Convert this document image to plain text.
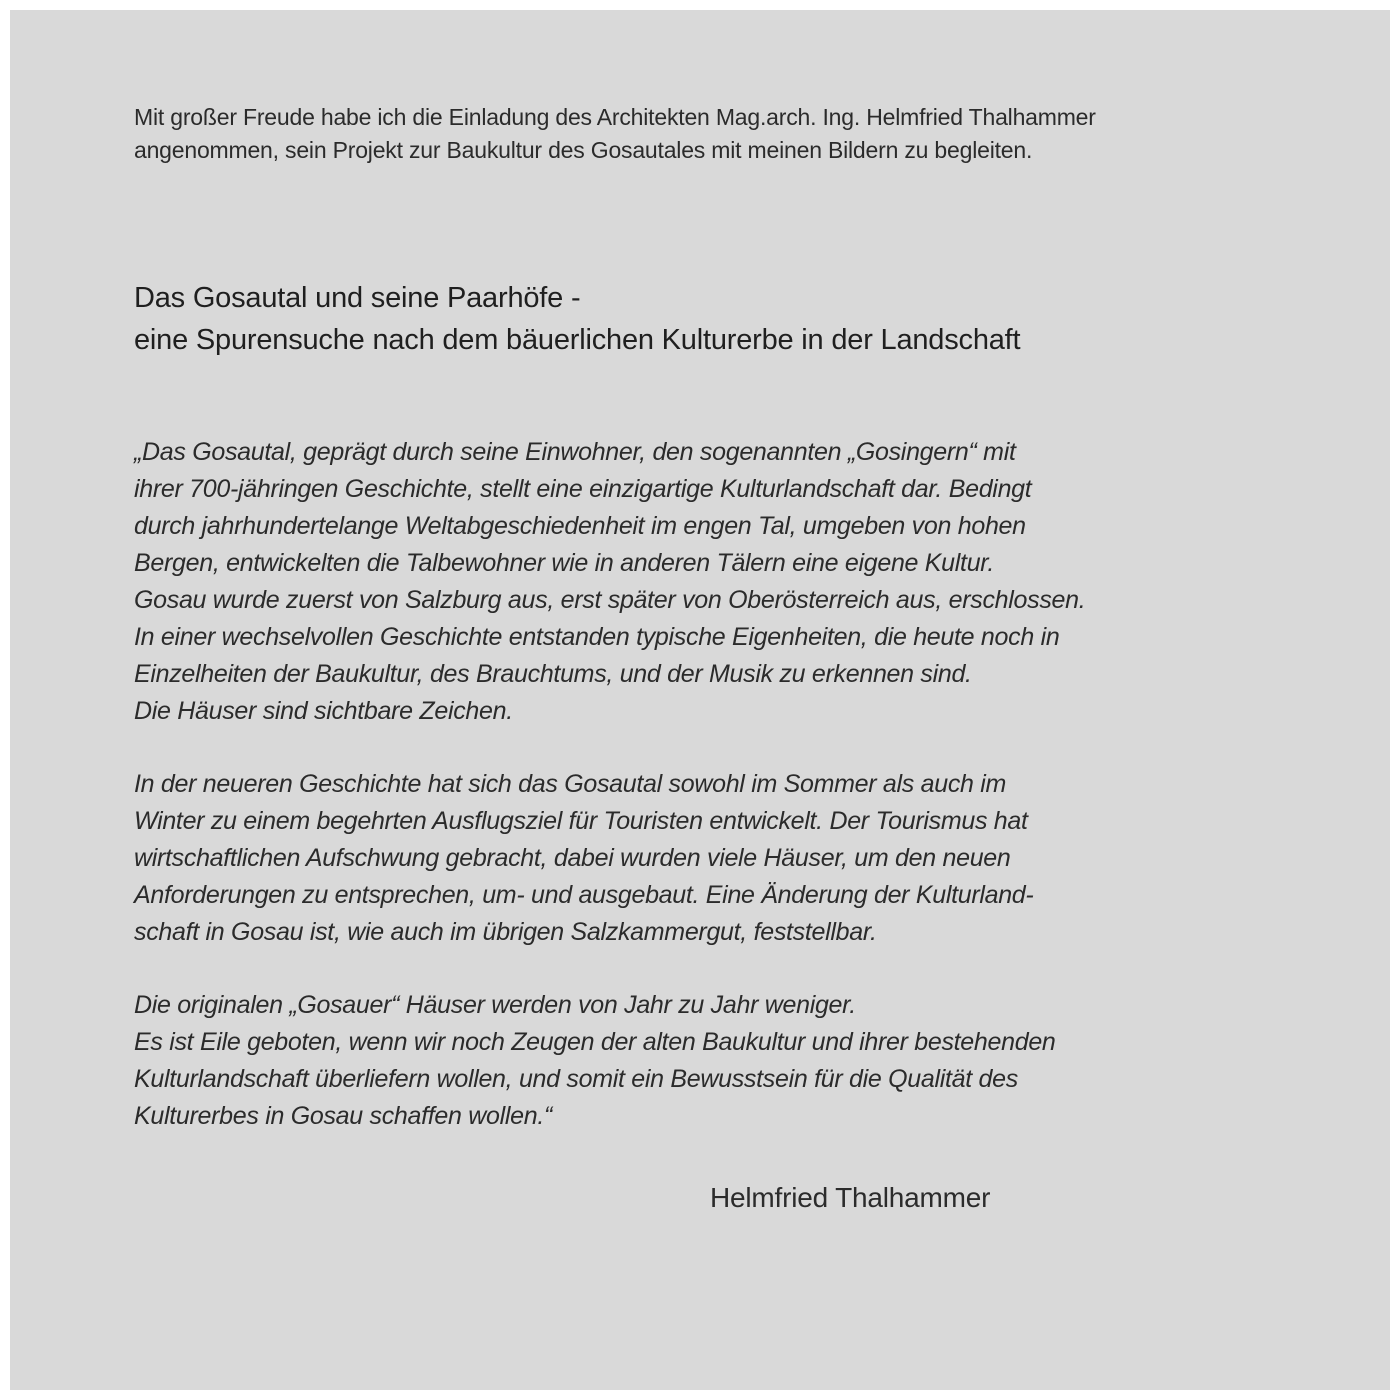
Mit großer Freude habe ich die Einladung des Architekten Mag.arch. Ing. Helmfried Thalhammer
angenommen, sein Projekt zur Baukultur des Gosautales mit meinen Bildern zu begleiten.
Das Gosautal und seine Paarhöfe -
eine Spurensuche nach dem bäuerlichen Kulturerbe in der Landschaft
„Das Gosautal, geprägt durch seine Einwohner, den sogenannten „Gosingern“ mit
ihrer 700-jähringen Geschichte, stellt eine einzigartige Kulturlandschaft dar. Bedingt
durch jahrhundertelange Weltabgeschiedenheit im engen Tal, umgeben von hohen
Bergen, entwickelten die Talbewohner wie in anderen Tälern eine eigene Kultur.
Gosau wurde zuerst von Salzburg aus, erst später von Oberösterreich aus, erschlossen.
In einer wechselvollen Geschichte entstanden typische Eigenheiten, die heute noch in
Einzelheiten der Baukultur, des Brauchtums, und der Musik zu erkennen sind.
Die Häuser sind sichtbare Zeichen.
In der neueren Geschichte hat sich das Gosautal sowohl im Sommer als auch im
Winter zu einem begehrten Ausflugsziel für Touristen entwickelt. Der Tourismus hat
wirtschaftlichen Aufschwung gebracht, dabei wurden viele Häuser, um den neuen
Anforderungen zu entsprechen, um- und ausgebaut. Eine Änderung der Kulturland-
schaft in Gosau ist, wie auch im übrigen Salzkammergut, feststellbar.
Die originalen „Gosauer“ Häuser werden von Jahr zu Jahr weniger.
Es ist Eile geboten, wenn wir noch Zeugen der alten Baukultur und ihrer bestehenden
Kulturlandschaft überliefern wollen, und somit ein Bewusstsein für die Qualität des
Kulturerbes in Gosau schaffen wollen.“
Helmfried Thalhammer
